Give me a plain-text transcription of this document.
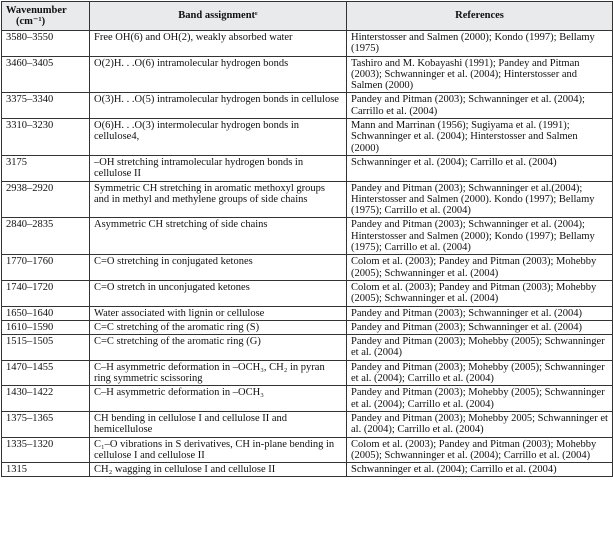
Wavenumber
(cm⁻¹)	Band assignmentᵋ	References
3580–3550	Free OH(6) and OH(2), weakly absorbed water	Hinterstosser and Salmen (2000); Kondo (1997); Bellamy (1975)
3460–3405	O(2)H. . .O(6) intramolecular hydrogen bonds	Tashiro and M. Kobayashi (1991); Pandey and Pitman (2003); Schwanninger et al. (2004); Hinterstosser and Salmen (2000)
3375–3340	O(3)H. . .O(5) intramolecular hydrogen bonds in cellulose	Pandey and Pitman (2003); Schwanninger et al. (2004); Carrillo et al. (2004)
3310–3230	O(6)H. . .O(3) intermolecular hydrogen bonds in cellulose4,	Mann and Marrinan (1956); Sugiyama et al. (1991); Schwanninger et al. (2004); Hinterstosser and Salmen (2000)
3175	–OH stretching intramolecular hydrogen bonds in cellulose II	Schwanninger et al. (2004); Carrillo et al. (2004)
2938–2920	Symmetric CH stretching in aromatic methoxyl groups and in methyl and methylene groups of side chains	Pandey and Pitman (2003); Schwanninger et al.(2004); Hinterstosser and Salmen (2000). Kondo (1997); Bellamy (1975); Carrillo et al. (2004)
2840–2835	Asymmetric CH stretching of side chains	Pandey and Pitman (2003); Schwanninger et al. (2004); Hinterstosser and Salmen (2000); Kondo (1997); Bellamy (1975); Carrillo et al. (2004)
1770–1760	C=O stretching in conjugated ketones	Colom et al. (2003); Pandey and Pitman (2003); Mohebby (2005); Schwanninger et al. (2004)
1740–1720	C=O stretch in unconjugated ketones	Colom et al. (2003); Pandey and Pitman (2003); Mohebby (2005); Schwanninger et al. (2004)
1650–1640	Water associated with lignin or cellulose	Pandey and Pitman (2003); Schwanninger et al. (2004)
1610–1590	C=C stretching of the aromatic ring (S)	Pandey and Pitman (2003); Schwanninger et al. (2004)
1515–1505	C=C stretching of the aromatic ring (G)	Pandey and Pitman (2003); Mohebby (2005); Schwanninger et al. (2004)
1470–1455	C–H asymmetric deformation in –OCH₃, CH₂ in pyran ring symmetric scissoring	Pandey and Pitman (2003); Mohebby (2005); Schwanninger et al. (2004); Carrillo et al. (2004)
1430–1422	C–H asymmetric deformation in –OCH₃	Pandey and Pitman (2003); Mohebby (2005); Schwanninger et al. (2004); Carrillo et al. (2004)
1375–1365	CH bending in cellulose I and cellulose II and hemicellulose	Pandey and Pitman (2003); Mohebby 2005; Schwanninger et al. (2004); Carrillo et al. (2004)
1335–1320	C₁–O vibrations in S derivatives, CH in-plane bending in cellulose I and cellulose II	Colom et al. (2003); Pandey and Pitman (2003); Mohebby (2005); Schwanninger et al. (2004); Carrillo et al. (2004)
1315	CH₂ wagging in cellulose I and cellulose II	Schwanninger et al. (2004); Carrillo et al. (2004)
